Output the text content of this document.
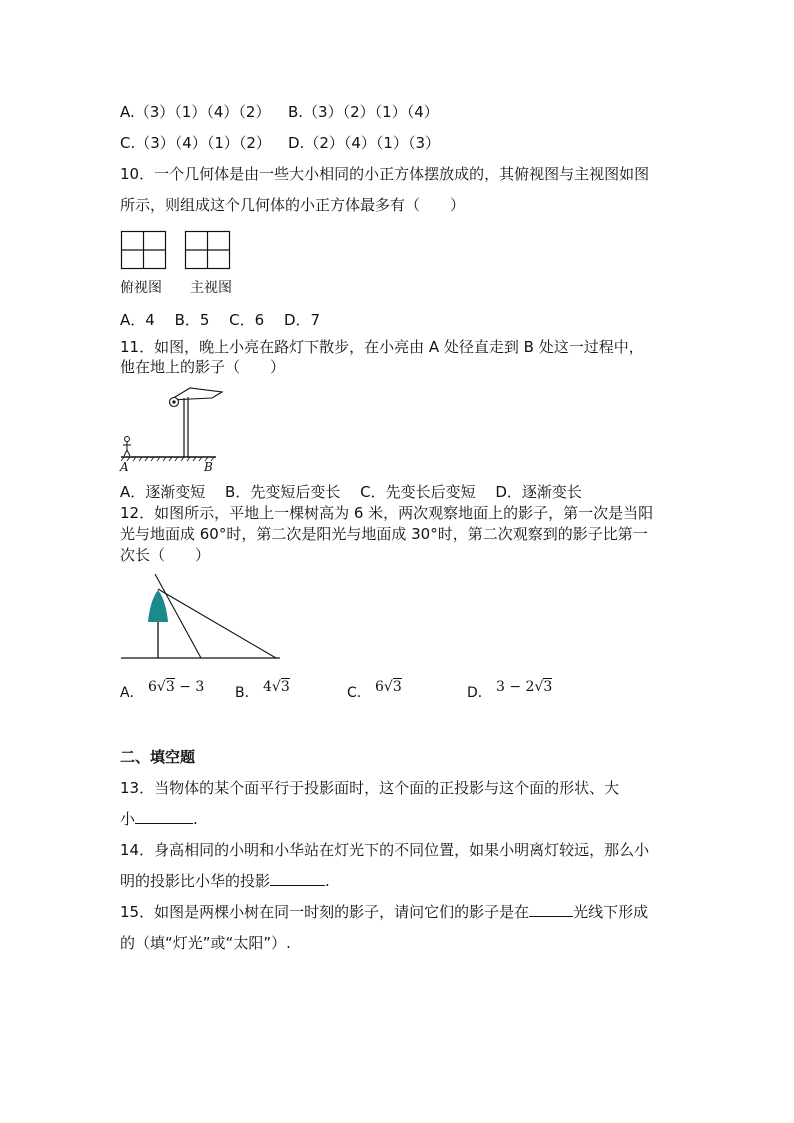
A.（3）（1）（4）（2） B.（3）（2）（1）（4）
C.（3）（4）（1）（2） D.（2）（4）（1）（3）
10．一个几何体是由一些大小相同的小正方体摆放成的，其俯视图与主视图如图
所示，则组成这个几何体的小正方体最多有（　　）
俯视图 主视图
A．4　 B．5　 C．6　 D．7
11．如图，晚上小亮在路灯下散步，在小亮由 A 处径直走到 B 处这一过程中，
他在地上的影子（　　）
A	B
A．逐渐变短　 B．先变短后变长　 C．先变长后变短　 D．逐渐变长
12．如图所示，平地上一棵树高为 6 米，两次观察地面上的影子，第一次是当阳
光与地面成 60°时，第二次是阳光与地面成 30°时，第二次观察到的影子比第一
次长（　　）
A． 6√3 − 3 B． 4√3	C． 6√3	D． 3 − 2√3
二、填空题
13．当物体的某个面平行于投影面时，这个面的正投影与这个面的形状、大
小	.
14．身高相同的小明和小华站在灯光下的不同位置，如果小明离灯较远，那么小
明的投影比小华的投影	.
15．如图是两棵小树在同一时刻的影子，请问它们的影子是在	光线下形成
的（填“灯光”或“太阳”）.
